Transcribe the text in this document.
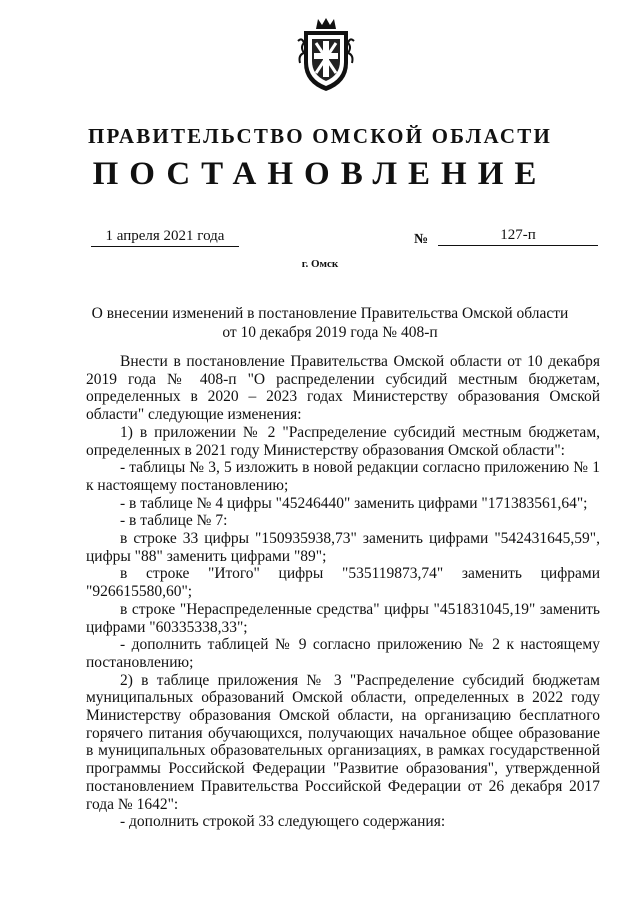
ПРАВИТЕЛЬСТВО ОМСКОЙ ОБЛАСТИ
ПОСТАНОВЛЕНИЕ
1 апреля 2021 года	№	127-п
г. Омск
О внесении изменений в постановление Правительства Омской области
от 10 декабря 2019 года № 408-п

Внести в постановление Правительства Омской области от 10 декабря 2019 года № 408-п "О распределении субсидий местным бюджетам, определенных в 2020 – 2023 годах Министерству образования Омской области" следующие изменения:

1) в приложении № 2 "Распределение субсидий местным бюджетам, определенных в 2021 году Министерству образования Омской области":

- таблицы № 3, 5 изложить в новой редакции согласно приложению № 1 к настоящему постановлению;

- в таблице № 4 цифры "45246440" заменить цифрами "171383561,64";

- в таблице № 7:

в строке 33 цифры "150935938,73" заменить цифрами "542431645,59", цифры "88" заменить цифрами "89";

в строке "Итого" цифры "535119873,74" заменить цифрами "926615580,60";

в строке "Нераспределенные средства" цифры "451831045,19" заменить цифрами "60335338,33";

- дополнить таблицей № 9 согласно приложению № 2 к настоящему постановлению;

2) в таблице приложения № 3 "Распределение субсидий бюджетам муниципальных образований Омской области, определенных в 2022 году Министерству образования Омской области, на организацию бесплатного горячего питания обучающихся, получающих начальное общее образование в муниципальных образовательных организациях, в рамках государственной программы Российской Федерации "Развитие образования", утвержденной постановлением Правительства Российской Федерации от 26 декабря 2017 года № 1642":

- дополнить строкой 33 следующего содержания:
